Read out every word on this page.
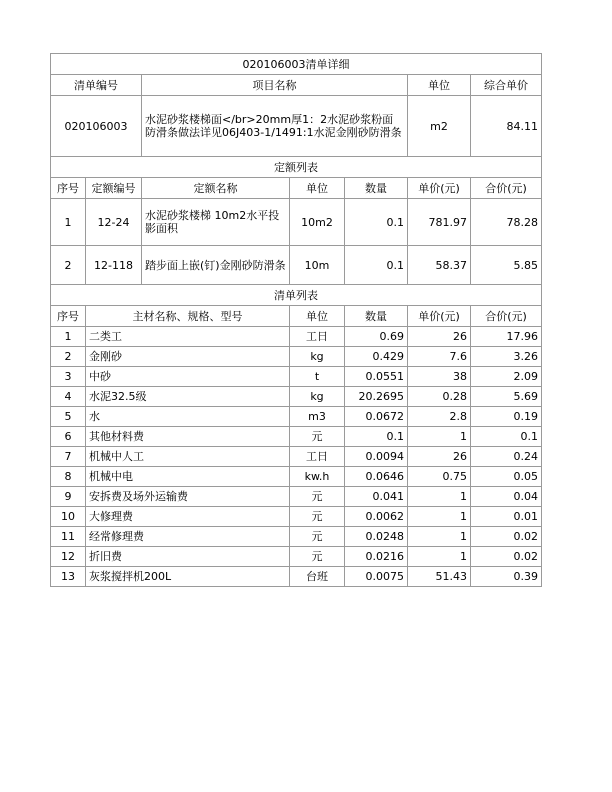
020106003清单详细						
清单编号		项目名称			单位	综合单价
020106003		水泥砂浆楼梯面</br>20mm厚1：2水泥砂浆粉面防滑条做法详见06J403-1/1491:1水泥金刚砂防滑条			m2	84.11
定额列表						
序号	定额编号	定额名称	单位	数量	单价(元)	合价(元)
1	12-24	水泥砂浆楼梯 10m2水平投影面积	10m2	0.1	781.97	78.28
2	12-118	踏步面上嵌(钉)金刚砂防滑条	10m	0.1	58.37	5.85
清单列表						
序号	主材名称、规格、型号		单位	数量	单价(元)	合价(元)
1	二类工		工日	0.69	26	17.96
2	金刚砂		kg	0.429	7.6	3.26
3	中砂		t	0.0551	38	2.09
4	水泥32.5级		kg	20.2695	0.28	5.69
5	水		m3	0.0672	2.8	0.19
6	其他材料费		元	0.1	1	0.1
7	机械中人工		工日	0.0094	26	0.24
8	机械中电		kw.h	0.0646	0.75	0.05
9	安拆费及场外运输费		元	0.041	1	0.04
10	大修理费		元	0.0062	1	0.01
11	经常修理费		元	0.0248	1	0.02
12	折旧费		元	0.0216	1	0.02
13	灰浆搅拌机200L		台班	0.0075	51.43	0.39
